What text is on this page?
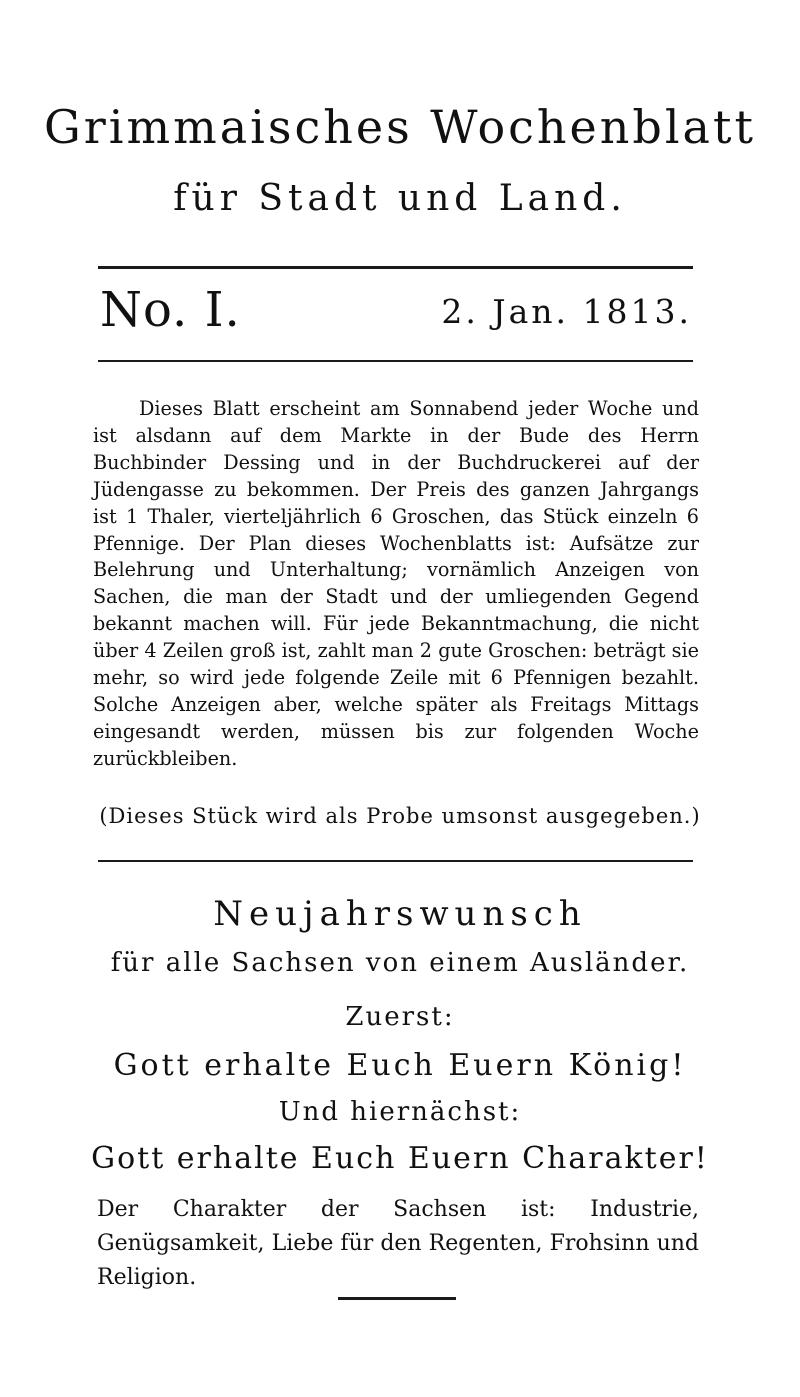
Grimmaisches Wochenblatt
für Stadt und Land.
No. I.	2. Jan. 1813.

Dieses Blatt erscheint am Sonnabend jeder Woche und ist alsdann auf dem Markte in der Bude des Herrn Buchbinder Dessing und in der Buchdruckerei auf der Jüdengasse zu bekommen. Der Preis des ganzen Jahrgangs ist 1 Thaler, vierteljährlich 6 Groschen, das Stück einzeln 6 Pfennige. Der Plan dieses Wochenblatts ist: Aufsätze zur Belehrung und Unterhaltung; vornämlich Anzeigen von Sachen, die man der Stadt und der umliegenden Gegend bekannt machen will. Für jede Bekanntmachung, die nicht über 4 Zeilen groß ist, zahlt man 2 gute Groschen: beträgt sie mehr, so wird jede folgende Zeile mit 6 Pfennigen bezahlt. Solche Anzeigen aber, welche später als Freitags Mittags eingesandt werden, müssen bis zur folgenden Woche zurückbleiben.

(Dieses Stück wird als Probe umsonst ausgegeben.)
Neujahrswunsch
für alle Sachsen von einem Ausländer.
Zuerst:
Gott erhalte Euch Euern König!
Und hiernächst:
Gott erhalte Euch Euern Charakter!

Der Charakter der Sachsen ist: Industrie, Genügsamkeit, Liebe für den Regenten, Frohsinn und Religion.
